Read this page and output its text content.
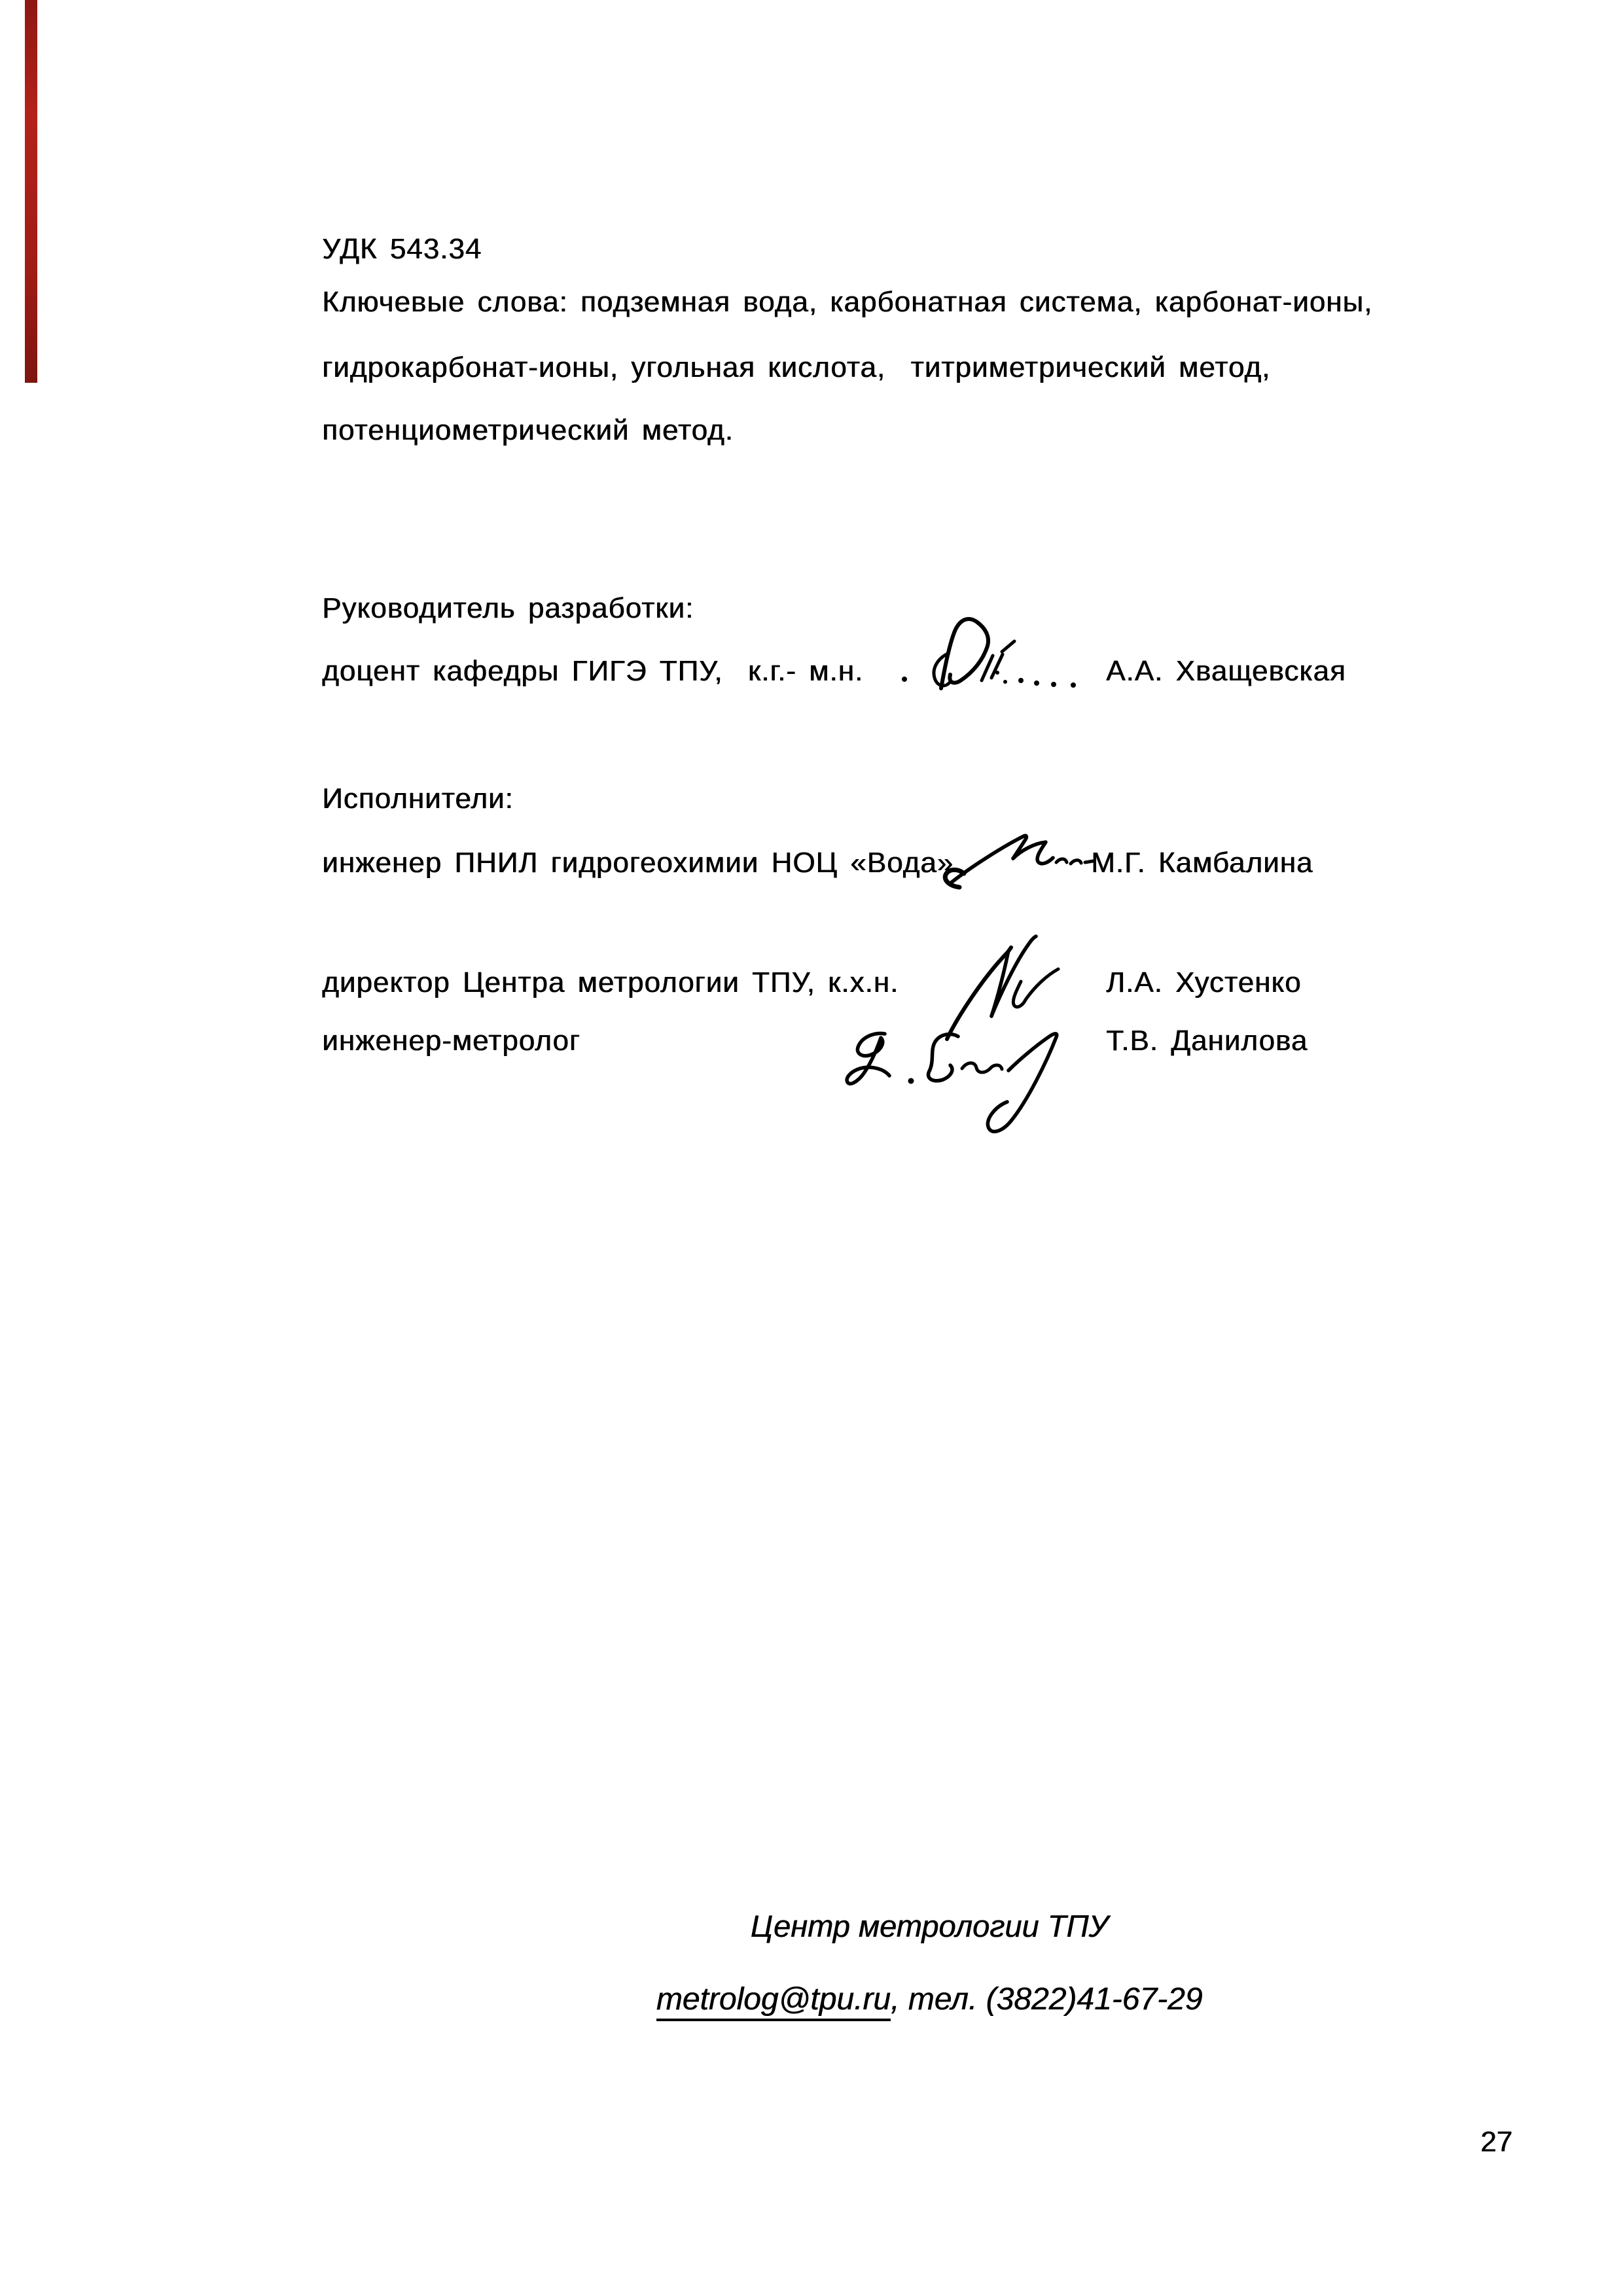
УДК 543.34
Ключевые слова: подземная вода, карбонатная система, карбонат-ионы,
гидрокарбонат-ионы, угольная кислота,  титриметрический метод,
потенциометрический метод.
Руководитель разработки:
доцент кафедры ГИГЭ ТПУ,  к.г.- м.н.	А.А. Хващевская
Исполнители:
инженер ПНИЛ гидрогеохимии НОЦ «Вода»	М.Г. Камбалина
директор Центра метрологии ТПУ, к.х.н.	Л.А. Хустенко
инженер-метролог	Т.В. Данилова
Центр метрологии ТПУ
metrolog@tpu.ru, тел. (3822)41-67-29
27
